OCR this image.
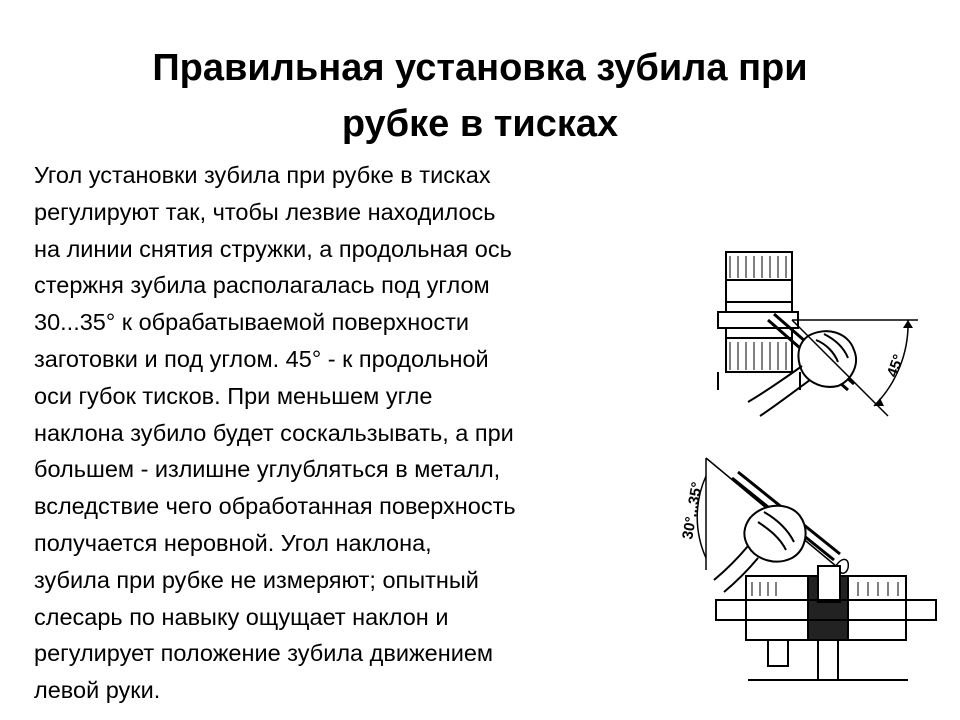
Правильная установка зубила при
рубке в тисках
Угол установки зубила при рубке в тисках
регулируют так, чтобы лезвие находилось
на линии снятия стружки, а продольная ось
стержня зубила располагалась под углом
30...35° к обрабатываемой поверхности
заготовки и под углом. 45° - к продольной
оси губок тисков. При меньшем угле
наклона зубило будет соскальзывать, а при
большем - излишне углубляться в металл,
вследствие чего обработанная поверхность
получается неровной. Угол наклона,
зубила при рубке не измеряют; опытный
слесарь по навыку ощущает наклон и
регулирует положение зубила движением
левой руки.
45°
30°...35°
